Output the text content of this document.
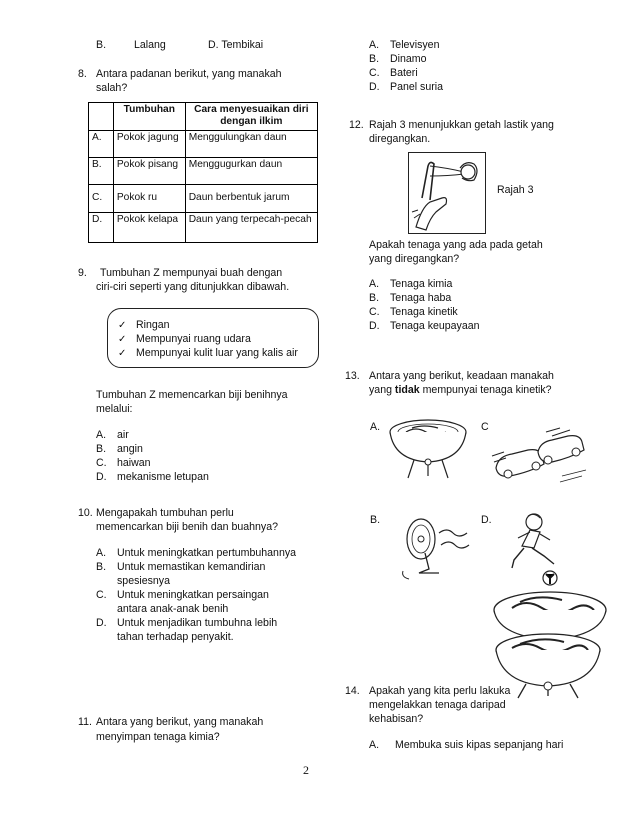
B.	Lalang	D. Tembikai
8. Antara padanan berikut, yang manakah
salah?
	Tumbuhan	Cara menyesuaikan diri dengan ilkim
A.	Pokok jagung	Menggulungkan daun
B.	Pokok pisang	Menggugurkan daun
C.	Pokok ru	Daun berbentuk jarum
D.	Pokok kelapa	Daun yang terpecah-pecah
9. Tumbuhan Z mempunyai buah dengan
ciri-ciri seperti yang ditunjukkan dibawah.
✓ Ringan
✓ Mempunyai ruang udara
✓ Mempunyai kulit luar yang kalis air
Tumbuhan Z memencarkan biji benihnya
melalui:
A. air
B. angin
C. haiwan
D. mekanisme letupan
10. Mengapakah tumbuhan perlu
memencarkan biji benih dan buahnya?
A. Untuk meningkatkan pertumbuhannya
B. Untuk memastikan kemandirian
spesiesnya
C. Untuk meningkatkan persaingan
antara anak-anak benih
D. Untuk menjadikan tumbuhna lebih
tahan terhadap penyakit.
11. Antara yang berikut, yang manakah
menyimpan tenaga kimia?
A. Televisyen
B. Dinamo
C. Bateri
D. Panel suria
12. Rajah 3 menunjukkan getah lastik yang
diregangkan.
Rajah 3
Apakah tenaga yang ada pada getah
yang diregangkan?
A. Tenaga kimia
B. Tenaga haba
C. Tenaga kinetik
D. Tenaga keupayaan
13. Antara yang berikut, keadaan manakah
yang tidak mempunyai tenaga kinetik?
A.	C
B.	D.
14. Apakah yang kita perlu lakuka
mengelakkan tenaga daripad
kehabisan?
A. Membuka suis kipas sepanjang hari
2
